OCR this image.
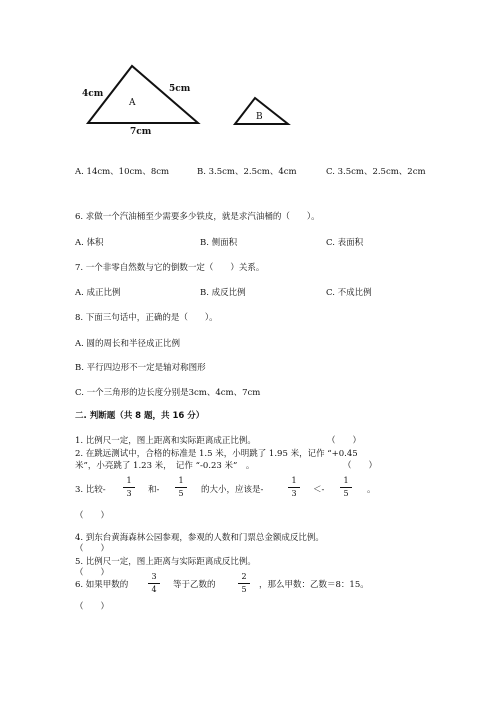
A
4cm	5cm
7cm
B
A. 14cm、10cm、8cm	B. 3.5cm、2.5cm、4cm	C. 3.5cm、2.5cm、2cm
6. 求做一个汽油桶至少需要多少铁皮，就是求汽油桶的（　　）。
A. 体积	B. 侧面积	C. 表面积
7. 一个非零自然数与它的倒数一定（　　）关系。
A. 成正比例	B. 成反比例	C. 不成比例
8. 下面三句话中，正确的是（　　）。
A. 圆的周长和半径成正比例
B. 平行四边形不一定是轴对称图形
C. 一个三角形的边长度分别是3cm、4cm、7cm
二. 判断题（共 8 题，共 16 分）
1. 比例尺一定，图上距离和实际距离成正比例。	（　　）
2. 在跳远测试中，合格的标准是 1.5 米，小明跳了 1.95 米，记作 “+0.45
米”，小亮跳了 1.23 米，　记作 “-0.23 米”　。	（　　）
3. 比较-
1
3	和-
1
5	的大小，应该是-
1
3	＜-
1
5	。
（　　）
4. 到东台黄海森林公园参观，参观的人数和门票总金额成反比例。
（　　）
5. 比例尺一定，图上距离与实际距离成反比例。
（　　）
6. 如果甲数的
3
4	等于乙数的
2
5	，那么甲数：乙数＝8：15。
（　　）
